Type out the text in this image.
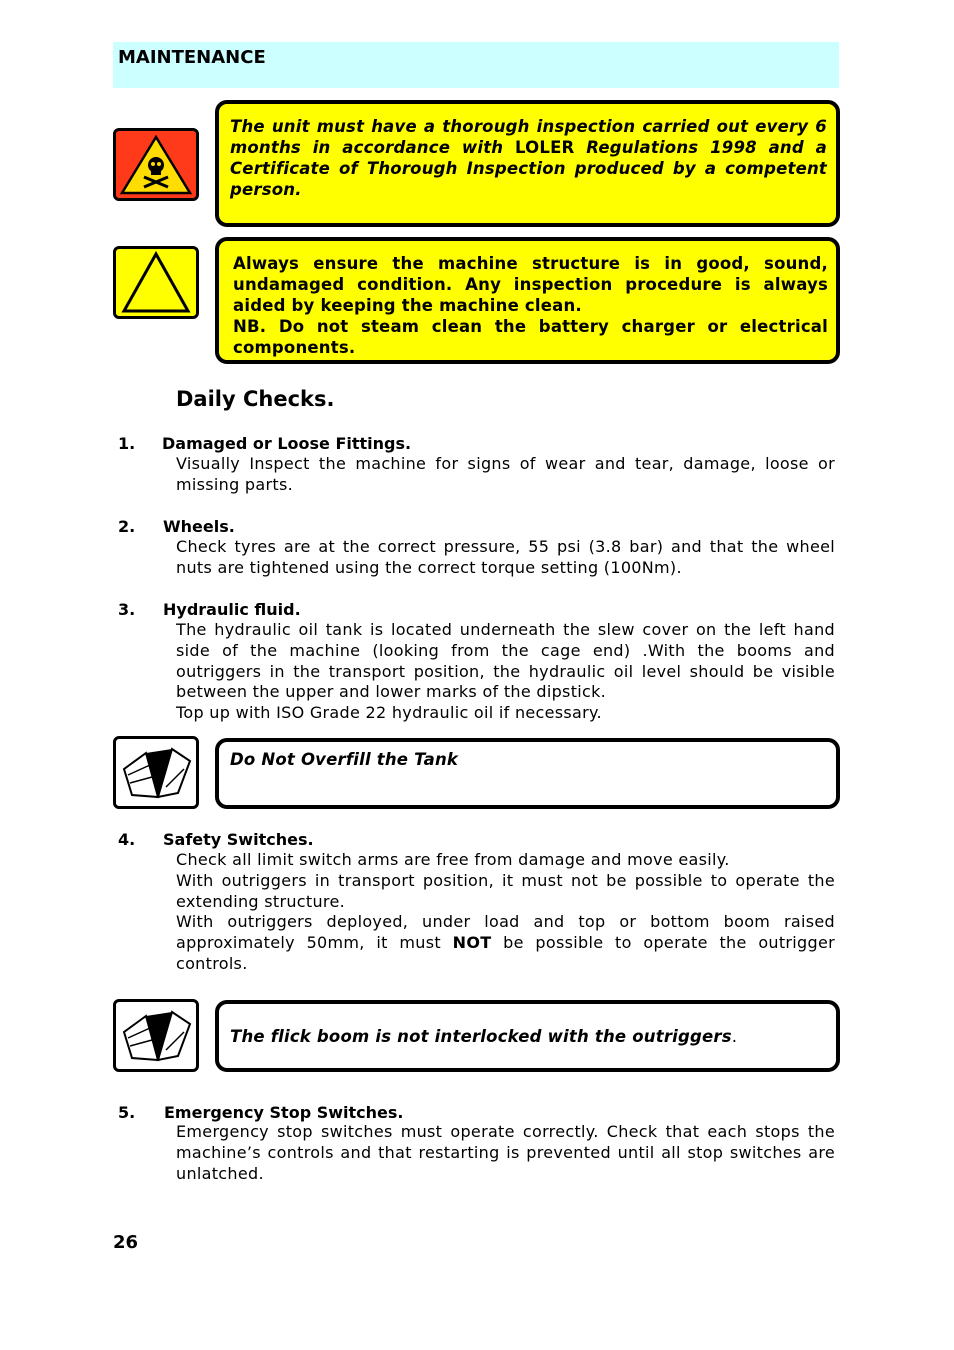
MAINTENANCE
The unit must have a thorough inspection carried out every 6 months in accordance with LOLER Regulations 1998 and a Certificate of Thorough Inspection produced by a competent person.
Always ensure the machine structure is in good, sound, undamaged condition. Any inspection procedure is always aided by keeping the machine clean.
NB. Do not steam clean the battery charger or electrical components.
Daily Checks.
1. Damaged or Loose Fittings.

Visually Inspect the machine for signs of wear and tear, damage, loose or missing parts.

2. Wheels.

Check tyres are at the correct pressure, 55 psi (3.8 bar) and that the wheel nuts are tightened using the correct torque setting (100Nm).

3. Hydraulic fluid.

The hydraulic oil tank is located underneath the slew cover on the left hand side of the machine (looking from the cage end) .With the booms and outriggers in the transport position, the hydraulic oil level should be visible between the upper and lower marks of the dipstick.

Top up with ISO Grade 22 hydraulic oil if necessary.

Do Not Overfill the Tank
4. Safety Switches.

Check all limit switch arms are free from damage and move easily.

With outriggers in transport position, it must not be possible to operate the extending structure.

With outriggers deployed, under load and top or bottom boom raised approximately 50mm, it must NOT be possible to operate the outrigger controls.

The flick boom is not interlocked with the outriggers.
5. Emergency Stop Switches.

Emergency stop switches must operate correctly. Check that each stops the machine’s controls and that restarting is prevented until all stop switches are unlatched.

26
